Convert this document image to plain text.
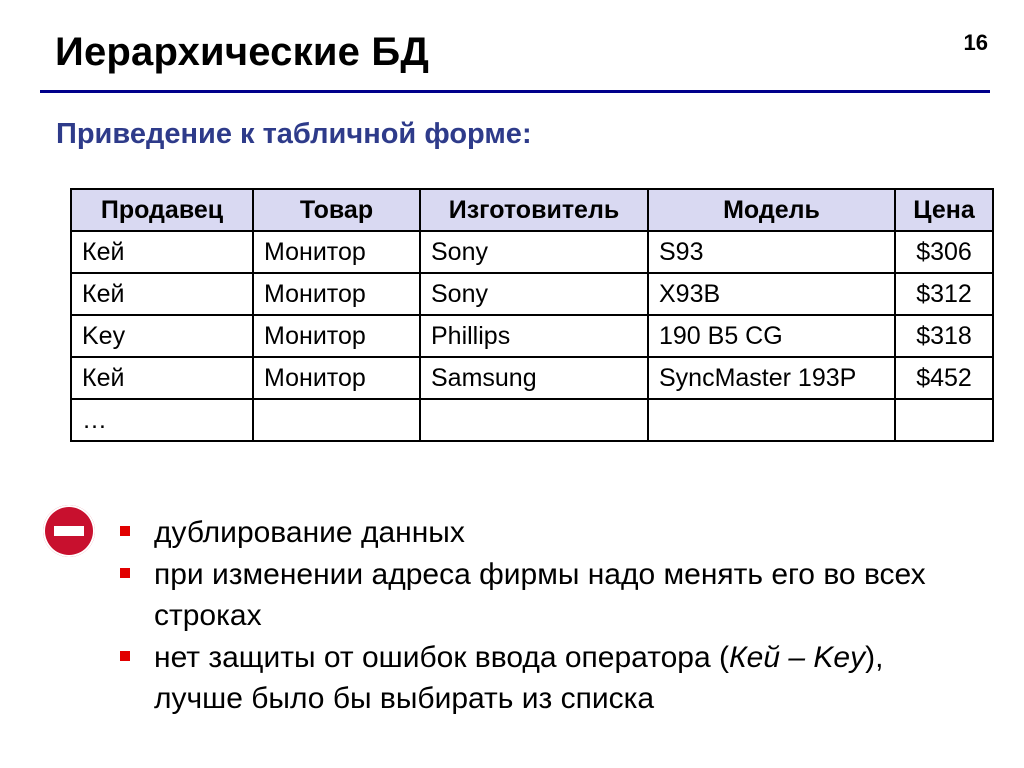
Иерархические БД	16
Приведение к табличной форме:
Продавец	Товар	Изготовитель	Модель	Цена
Кей	Монитор	Sony	S93	$306
Кей	Монитор	Sony	X93B	$312
Key	Монитор	Phillips	190 B5 CG	$318
Кей	Монитор	Samsung	SyncMaster 193P	$452
…				
дублирование данных
при изменении адреса фирмы надо менять его во всех строках
нет защиты от ошибок ввода оператора (Кей – Key), лучше было бы выбирать из списка
